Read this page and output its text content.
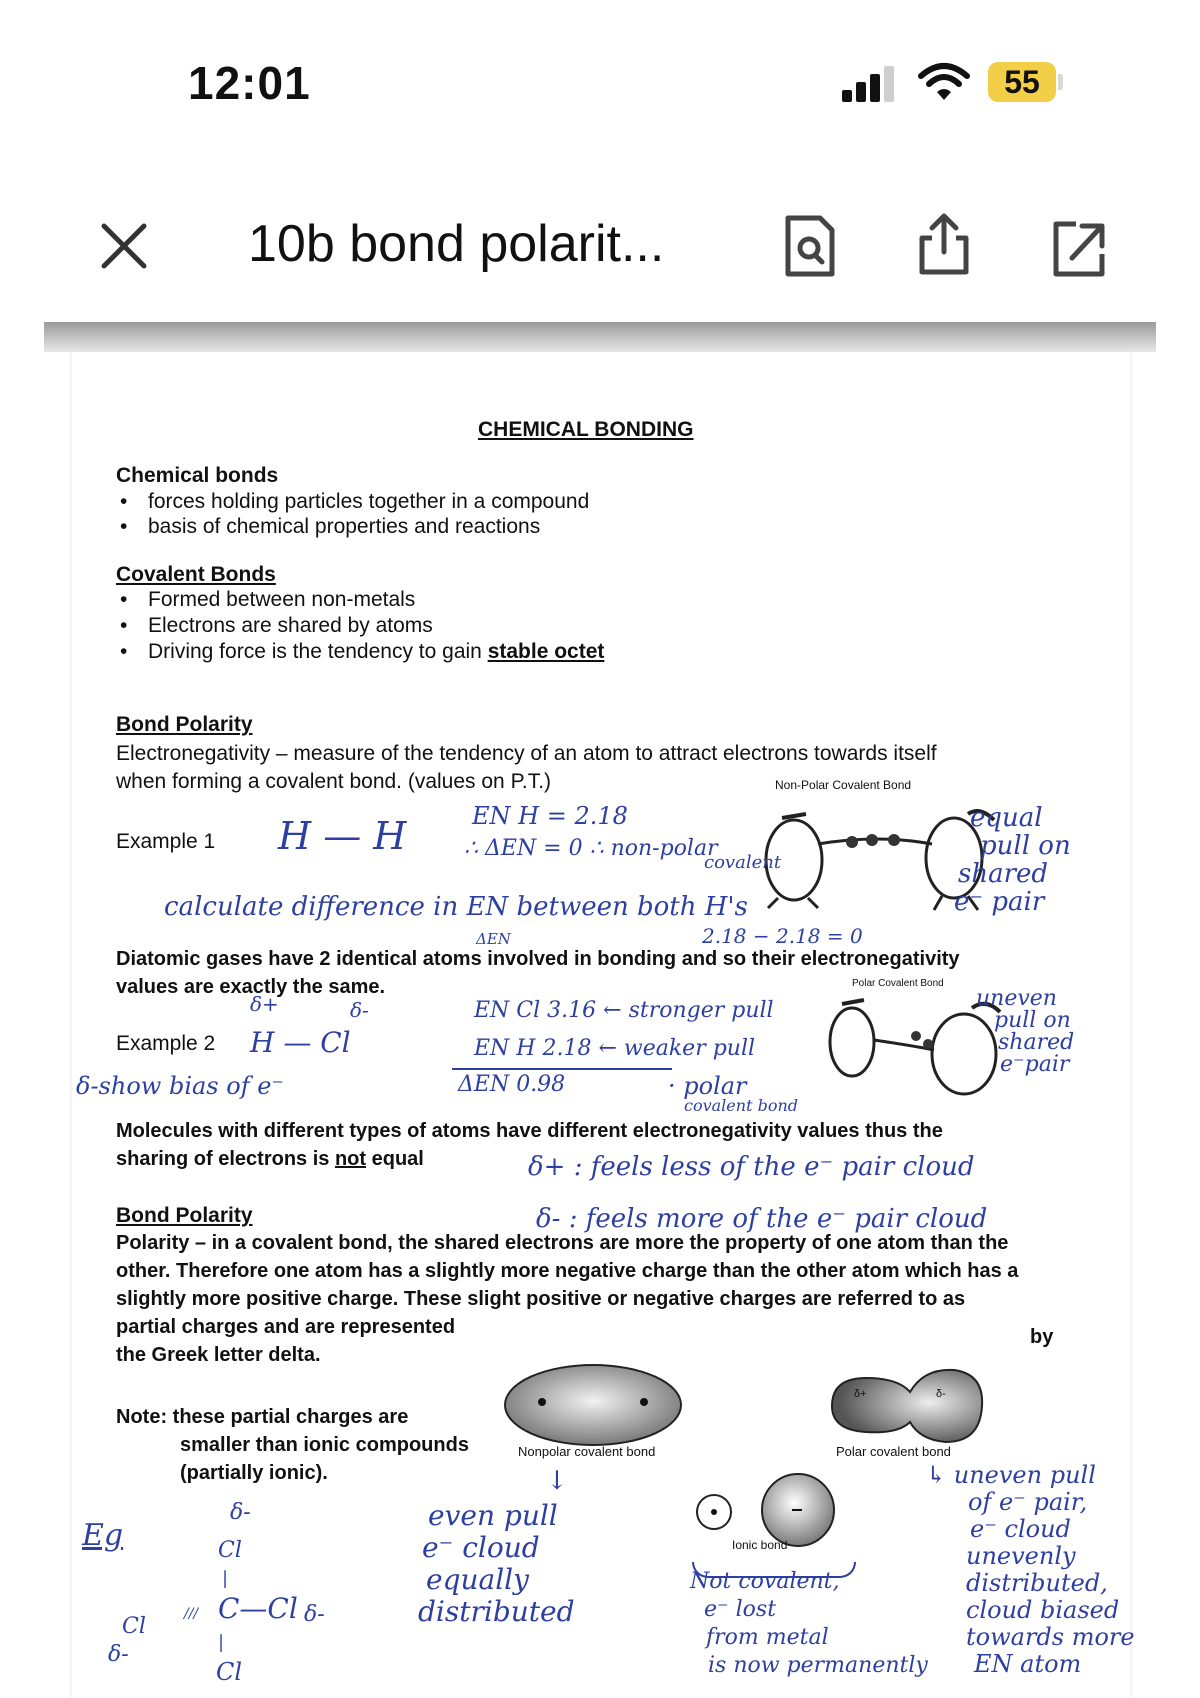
12:01	55
10b bond polarit...
CHEMICAL BONDING
Chemical bonds
• forces holding particles together in a compound
• basis of chemical properties and reactions
Covalent Bonds
• Formed between non-metals
• Electrons are shared by atoms
• Driving force is the tendency to gain stable octet
Bond Polarity
Electronegativity – measure of the tendency of an atom to attract electrons towards itself
when forming a covalent bond. (values on P.T.)	Non-Polar Covalent Bond
Example 1 H — H	EN H = 2.18
∴ ΔEN = 0 ∴ non-polar
covalent
equal
pull on
shared
e⁻ pair
calculate difference in EN between both H's
ΔEN	2.18 − 2.18 = 0
Diatomic gases have 2 identical atoms involved in bonding and so their electronegativity
values are exactly the same.	Polar Covalent Bond
δ+	δ-
Example 2 H — Cl
EN Cl 3.16 ← stronger pull
EN H 2.18 ← weaker pull
ΔEN 0.98	· polar
covalent bond
uneven
pull on
shared
e⁻pair
δ-show bias of e⁻
Molecules with different types of atoms have different electronegativity values thus the
sharing of electrons is not equal	δ+ : feels less of the e⁻ pair cloud
δ- : feels more of the e⁻ pair cloud
Bond Polarity
Polarity – in a covalent bond, the shared electrons are more the property of one atom than the
other. Therefore one atom has a slightly more negative charge than the other atom which has a
slightly more positive charge. These slight positive or negative charges are referred to as
partial charges and are represented	by
the Greek letter delta.
δ+	δ-
Note: these partial charges are
smaller than ionic compounds
(partially ionic).
Nonpolar covalent bond	Polar covalent bond
Ionic bond
Eg
↓
even pull
e⁻ cloud
equally
distributed
Not covalent,
e⁻ lost
from metal
is now permanently
↳ uneven pull
of e⁻ pair,
e⁻ cloud
unevenly
distributed,
cloud biased
towards more
EN atom
δ-
Cl
|
C—Cl δ-
///
Cl
δ-	|
Cl
